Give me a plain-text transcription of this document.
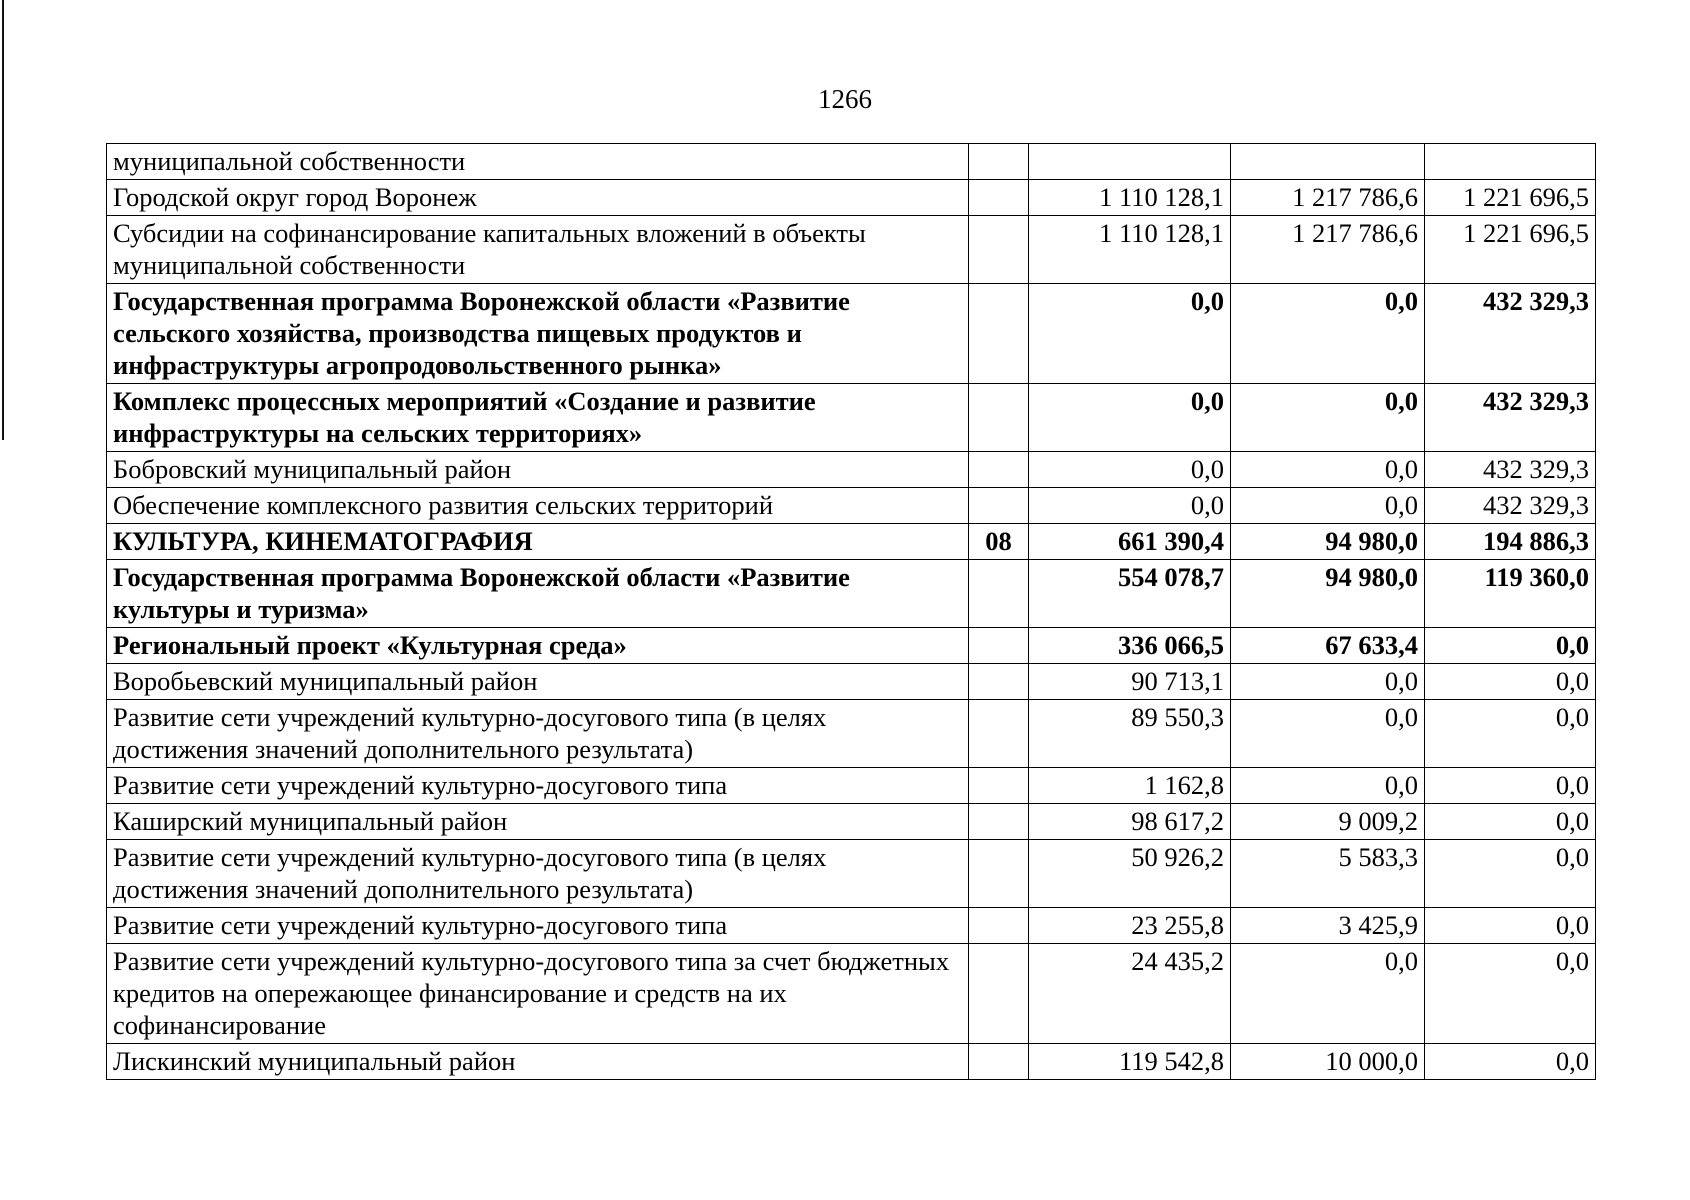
1266
муниципальной собственности				
Городской округ город Воронеж		1 110 128,1	1 217 786,6	1 221 696,5
Субсидии на софинансирование капитальных вложений в объекты муниципальной собственности		1 110 128,1	1 217 786,6	1 221 696,5
Государственная программа Воронежской области «Развитие сельского хозяйства, производства пищевых продуктов и инфраструктуры агропродовольственного рынка»		0,0	0,0	432 329,3
Комплекс процессных мероприятий «Создание и развитие инфраструктуры на сельских территориях»		0,0	0,0	432 329,3
Бобровский муниципальный район		0,0	0,0	432 329,3
Обеспечение комплексного развития сельских территорий		0,0	0,0	432 329,3
КУЛЬТУРА, КИНЕМАТОГРАФИЯ	08	661 390,4	94 980,0	194 886,3
Государственная программа Воронежской области «Развитие культуры и туризма»		554 078,7	94 980,0	119 360,0
Региональный проект «Культурная среда»		336 066,5	67 633,4	0,0
Воробьевский муниципальный район		90 713,1	0,0	0,0
Развитие сети учреждений культурно-досугового типа (в целях достижения значений дополнительного результата)		89 550,3	0,0	0,0
Развитие сети учреждений культурно-досугового типа		1 162,8	0,0	0,0
Каширский муниципальный район		98 617,2	9 009,2	0,0
Развитие сети учреждений культурно-досугового типа (в целях достижения значений дополнительного результата)		50 926,2	5 583,3	0,0
Развитие сети учреждений культурно-досугового типа		23 255,8	3 425,9	0,0
Развитие сети учреждений культурно-досугового типа за счет бюджетных кредитов на опережающее финансирование и средств на их софинансирование		24 435,2	0,0	0,0
Лискинский муниципальный район		119 542,8	10 000,0	0,0
